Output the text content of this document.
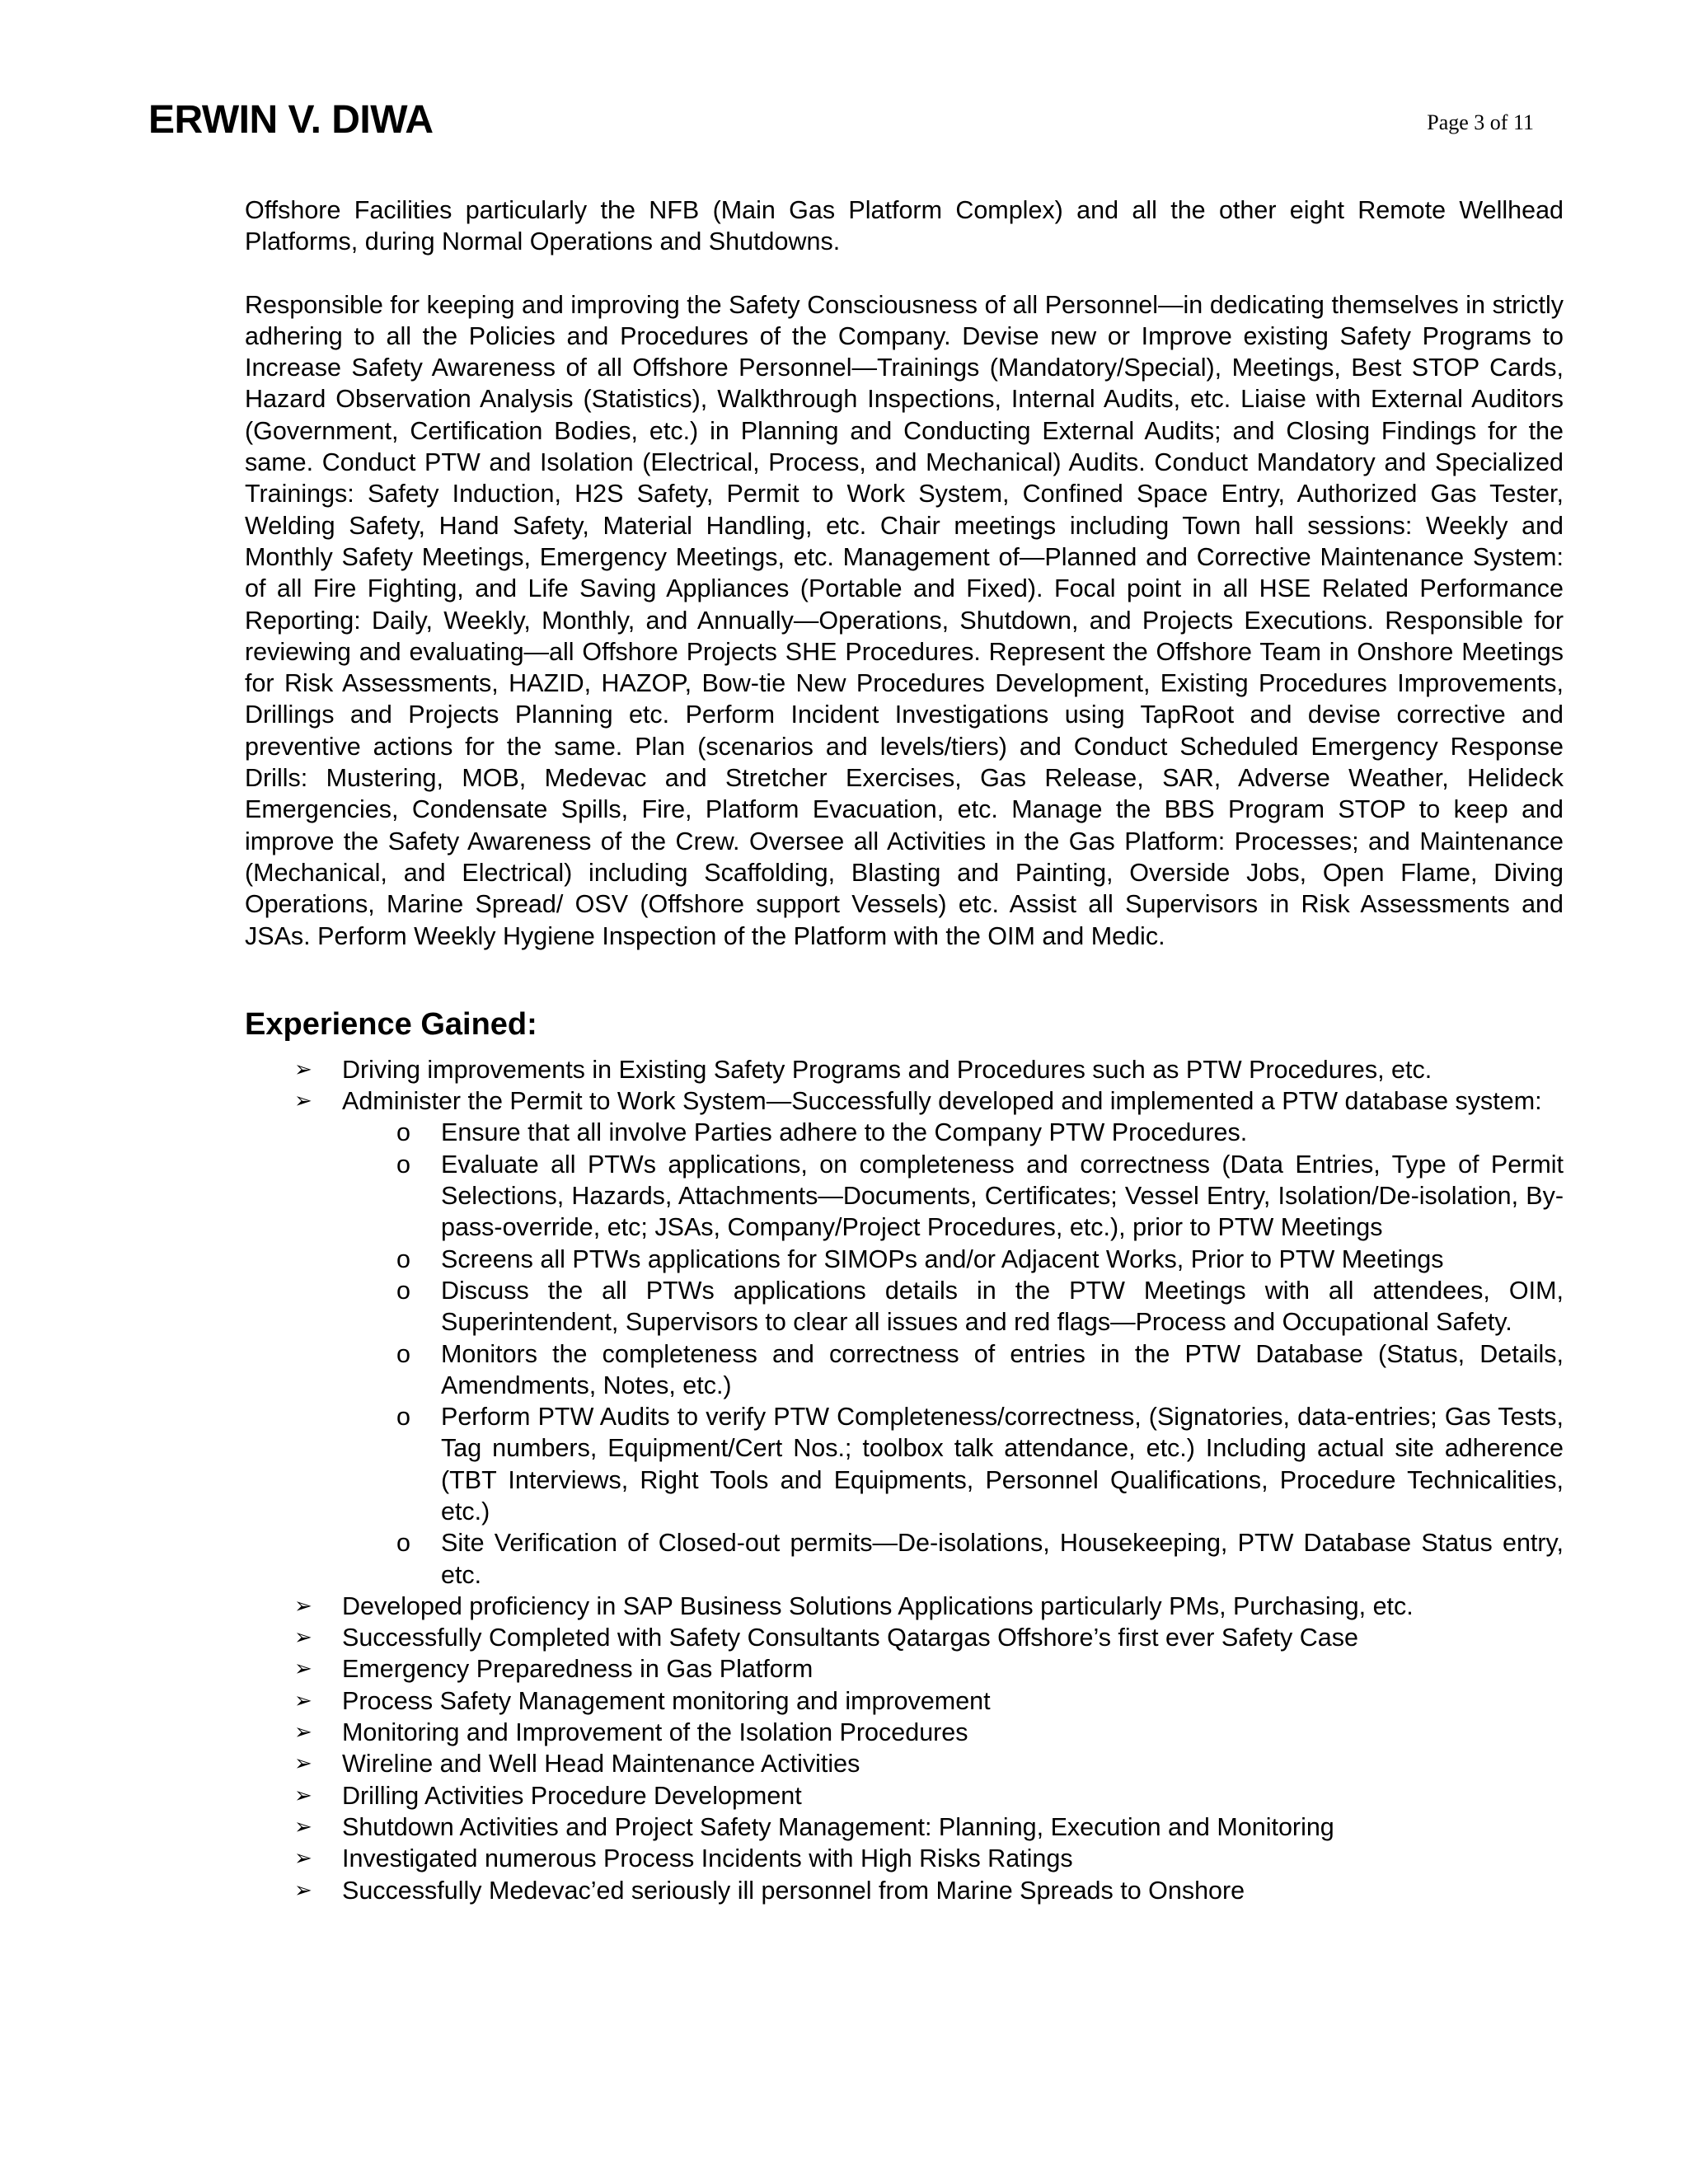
ERWIN V. DIWA	Page 3 of 11

Offshore Facilities particularly the NFB (Main Gas Platform Complex) and all the other eight Remote Wellhead Platforms, during Normal Operations and Shutdowns.

Responsible for keeping and improving the Safety Consciousness of all Personnel—in dedicating themselves in strictly adhering to all the Policies and Procedures of the Company. Devise new or Improve existing Safety Programs to Increase Safety Awareness of all Offshore Personnel—Trainings (Mandatory/Special), Meetings, Best STOP Cards, Hazard Observation Analysis (Statistics), Walkthrough Inspections, Internal Audits, etc. Liaise with External Auditors (Government, Certification Bodies, etc.) in Planning and Conducting External Audits; and Closing Findings for the same. Conduct PTW and Isolation (Electrical, Process, and Mechanical) Audits. Conduct Mandatory and Specialized Trainings: Safety Induction, H2S Safety, Permit to Work System, Confined Space Entry, Authorized Gas Tester, Welding Safety, Hand Safety, Material Handling, etc. Chair meetings including Town hall sessions: Weekly and Monthly Safety Meetings, Emergency Meetings, etc. Management of—Planned and Corrective Maintenance System: of all Fire Fighting, and Life Saving Appliances (Portable and Fixed). Focal point in all HSE Related Performance Reporting: Daily, Weekly, Monthly, and Annually—Operations, Shutdown, and Projects Executions. Responsible for reviewing and evaluating—all Offshore Projects SHE Procedures. Represent the Offshore Team in Onshore Meetings for Risk Assessments, HAZID, HAZOP, Bow-tie New Procedures Development, Existing Procedures Improvements, Drillings and Projects Planning etc. Perform Incident Investigations using TapRoot and devise corrective and preventive actions for the same. Plan (scenarios and levels/tiers) and Conduct Scheduled Emergency Response Drills: Mustering, MOB, Medevac and Stretcher Exercises, Gas Release, SAR, Adverse Weather, Helideck Emergencies, Condensate Spills, Fire, Platform Evacuation, etc. Manage the BBS Program STOP to keep and improve the Safety Awareness of the Crew. Oversee all Activities in the Gas Platform: Processes; and Maintenance (Mechanical, and Electrical) including Scaffolding, Blasting and Painting, Overside Jobs, Open Flame, Diving Operations, Marine Spread/ OSV (Offshore support Vessels) etc. Assist all Supervisors in Risk Assessments and JSAs. Perform Weekly Hygiene Inspection of the Platform with the OIM and Medic.

Experience Gained:
➢ Driving improvements in Existing Safety Programs and Procedures such as PTW Procedures, etc.
➢ Administer the Permit to Work System—Successfully developed and implemented a PTW database system:
o Ensure that all involve Parties adhere to the Company PTW Procedures.
o Evaluate all PTWs applications, on completeness and correctness (Data Entries, Type of Permit Selections, Hazards, Attachments—Documents, Certificates; Vessel Entry, Isolation/De-isolation, By-pass-override, etc; JSAs, Company/Project Procedures, etc.), prior to PTW Meetings
o Screens all PTWs applications for SIMOPs and/or Adjacent Works, Prior to PTW Meetings
o Discuss the all PTWs applications details in the PTW Meetings with all attendees, OIM, Superintendent, Supervisors to clear all issues and red flags—Process and Occupational Safety.
o Monitors the completeness and correctness of entries in the PTW Database (Status, Details, Amendments, Notes, etc.)
o Perform PTW Audits to verify PTW Completeness/correctness, (Signatories, data-entries; Gas Tests, Tag numbers, Equipment/Cert Nos.; toolbox talk attendance, etc.) Including actual site adherence (TBT Interviews, Right Tools and Equipments, Personnel Qualifications, Procedure Technicalities, etc.)
o Site Verification of Closed-out permits—De-isolations, Housekeeping, PTW Database Status entry, etc.
➢ Developed proficiency in SAP Business Solutions Applications particularly PMs, Purchasing, etc.
➢ Successfully Completed with Safety Consultants Qatargas Offshore’s first ever Safety Case
➢ Emergency Preparedness in Gas Platform
➢ Process Safety Management monitoring and improvement
➢ Monitoring and Improvement of the Isolation Procedures
➢ Wireline and Well Head Maintenance Activities
➢ Drilling Activities Procedure Development
➢ Shutdown Activities and Project Safety Management: Planning, Execution and Monitoring
➢ Investigated numerous Process Incidents with High Risks Ratings
➢ Successfully Medevac’ed seriously ill personnel from Marine Spreads to Onshore
